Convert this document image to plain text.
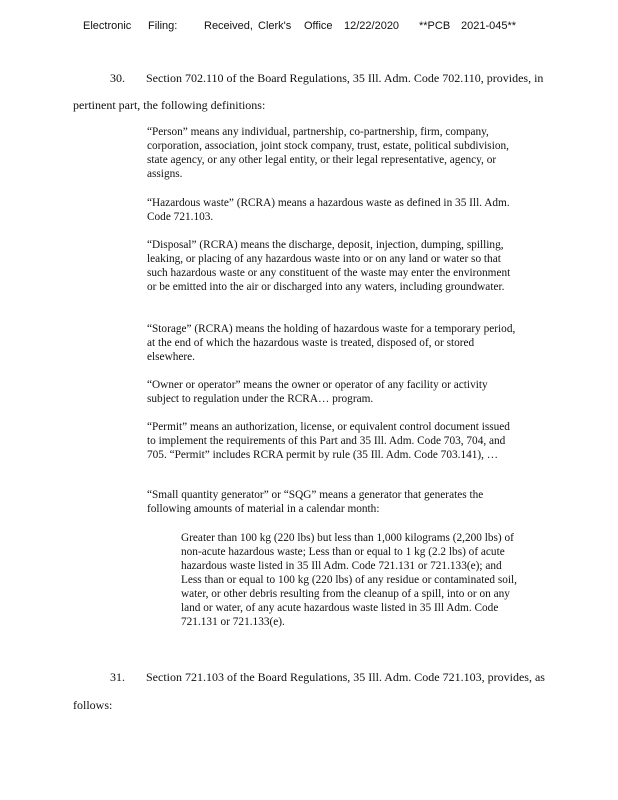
Electronic Filing: Received, Clerk's Office 12/22/2020 **PCB 2021-045**
30. Section 702.110 of the Board Regulations, 35 Ill. Adm. Code 702.110, provides, in
pertinent part, the following definitions:

“Person” means any individual, partnership, co-partnership, firm, company, corporation, association, joint stock company, trust, estate, political subdivision, state agency, or any other legal entity, or their legal representative, agency, or assigns.

“Hazardous waste” (RCRA) means a hazardous waste as defined in 35 Ill. Adm. Code 721.103.

“Disposal” (RCRA) means the discharge, deposit, injection, dumping, spilling, leaking, or placing of any hazardous waste into or on any land or water so that such hazardous waste or any constituent of the waste may enter the environment or be emitted into the air or discharged into any waters, including groundwater.

“Storage” (RCRA) means the holding of hazardous waste for a temporary period, at the end of which the hazardous waste is treated, disposed of, or stored elsewhere.

“Owner or operator” means the owner or operator of any facility or activity subject to regulation under the RCRA… program.

“Permit” means an authorization, license, or equivalent control document issued to implement the requirements of this Part and 35 Ill. Adm. Code 703, 704, and 705. “Permit” includes RCRA permit by rule (35 Ill. Adm. Code 703.141), …

“Small quantity generator” or “SQG” means a generator that generates the following amounts of material in a calendar month:

Greater than 100 kg (220 lbs) but less than 1,000 kilograms (2,200 lbs) of non-acute hazardous waste; Less than or equal to 1 kg (2.2 lbs) of acute hazardous waste listed in 35 Ill Adm. Code 721.131 or 721.133(e); and Less than or equal to 100 kg (220 lbs) of any residue or contaminated soil, water, or other debris resulting from the cleanup of a spill, into or on any land or water, of any acute hazardous waste listed in 35 Ill Adm. Code 721.131 or 721.133(e).

31. Section 721.103 of the Board Regulations, 35 Ill. Adm. Code 721.103, provides, as
follows:
